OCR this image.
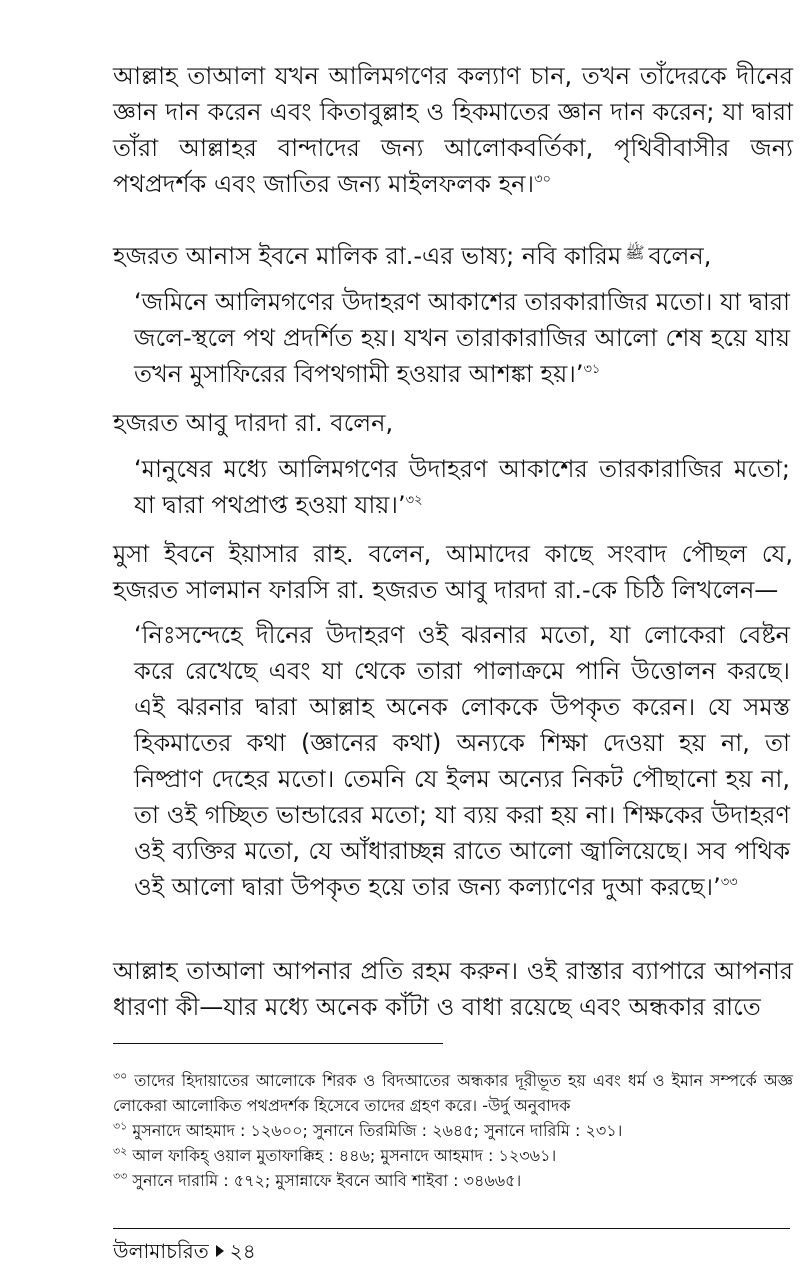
আল্লাহ তাআলা যখন আলিমগণের কল্যাণ চান, তখন তাঁদেরকে দীনের জ্ঞান দান করেন এবং কিতাবুল্লাহ ও হিকমাতের জ্ঞান দান করেন; যা দ্বারা তাঁরা আল্লাহর বান্দাদের জন্য আলোকবর্তিকা, পৃথিবীবাসীর জন্য পথপ্রদর্শক এবং জাতির জন্য মাইলফলক হন।$^{৩০}$

হজরত আনাস ইবনে মালিক রা.-এর ভাষ্য; নবি কারিম ﷺ বলেন,

‘জমিনে আলিমগণের উদাহরণ আকাশের তারকারাজির মতো। যা দ্বারা জলে-স্থলে পথ প্রদর্শিত হয়। যখন তারাকারাজির আলো শেষ হয়ে যায় তখন মুসাফিরের বিপথগামী হওয়ার আশঙ্কা হয়।’$^{৩১}$

হজরত আবু দারদা রা. বলেন,

‘মানুষের মধ্যে আলিমগণের উদাহরণ আকাশের তারকারাজির মতো; যা দ্বারা পথপ্রাপ্ত হওয়া যায়।’$^{৩২}$

মুসা ইবনে ইয়াসার রাহ. বলেন, আমাদের কাছে সংবাদ পৌছল যে, হজরত সালমান ফারসি রা. হজরত আবু দারদা রা.-কে চিঠি লিখলেন—

‘নিঃসন্দেহে দীনের উদাহরণ ওই ঝরনার মতো, যা লোকেরা বেষ্টন করে রেখেছে এবং যা থেকে তারা পালাক্রমে পানি উত্তোলন করছে। এই ঝরনার দ্বারা আল্লাহ অনেক লোককে উপকৃত করেন। যে সমস্ত হিকমাতের কথা (জ্ঞানের কথা) অন্যকে শিক্ষা দেওয়া হয় না, তা নিষ্প্রাণ দেহের মতো। তেমনি যে ইলম অন্যের নিকট পৌছানো হয় না, তা ওই গচ্ছিত ভান্ডারের মতো; যা ব্যয় করা হয় না। শিক্ষকের উদাহরণ ওই ব্যক্তির মতো, যে আঁধারাচ্ছন্ন রাতে আলো জ্বালিয়েছে। সব পথিক ওই আলো দ্বারা উপকৃত হয়ে তার জন্য কল্যাণের দুআ করছে।’$^{৩৩}$

আল্লাহ তাআলা আপনার প্রতি রহম করুন। ওই রাস্তার ব্যাপারে আপনার ধারণা কী—যার মধ্যে অনেক কাঁটা ও বাধা রয়েছে এবং অন্ধকার রাতে

$^{৩০}$ তাদের হিদায়াতের আলোকে শিরক ও বিদআতের অন্ধকার দূরীভূত হয় এবং ধর্ম ও ইমান সম্পর্কে অজ্ঞ লোকেরা আলোকিত পথপ্রদর্শক হিসেবে তাদের গ্রহণ করে। -উর্দু অনুবাদক

$^{৩১}$ মুসনাদে আহমাদ : ১২৬০০; সুনানে তিরমিজি : ২৬৪৫; সুনানে দারিমি : ২৩১।

$^{৩২}$ আল ফাকিহ্ ওয়াল মুতাফাক্কিহ : ৪৪৬; মুসনাদে আহমাদ : ১২৩৬১।

$^{৩৩}$ সুনানে দারামি : ৫৭২; মুসান্নাফে ইবনে আবি শাইবা : ৩৪৬৬৫।

উলামাচরিত ২৪
